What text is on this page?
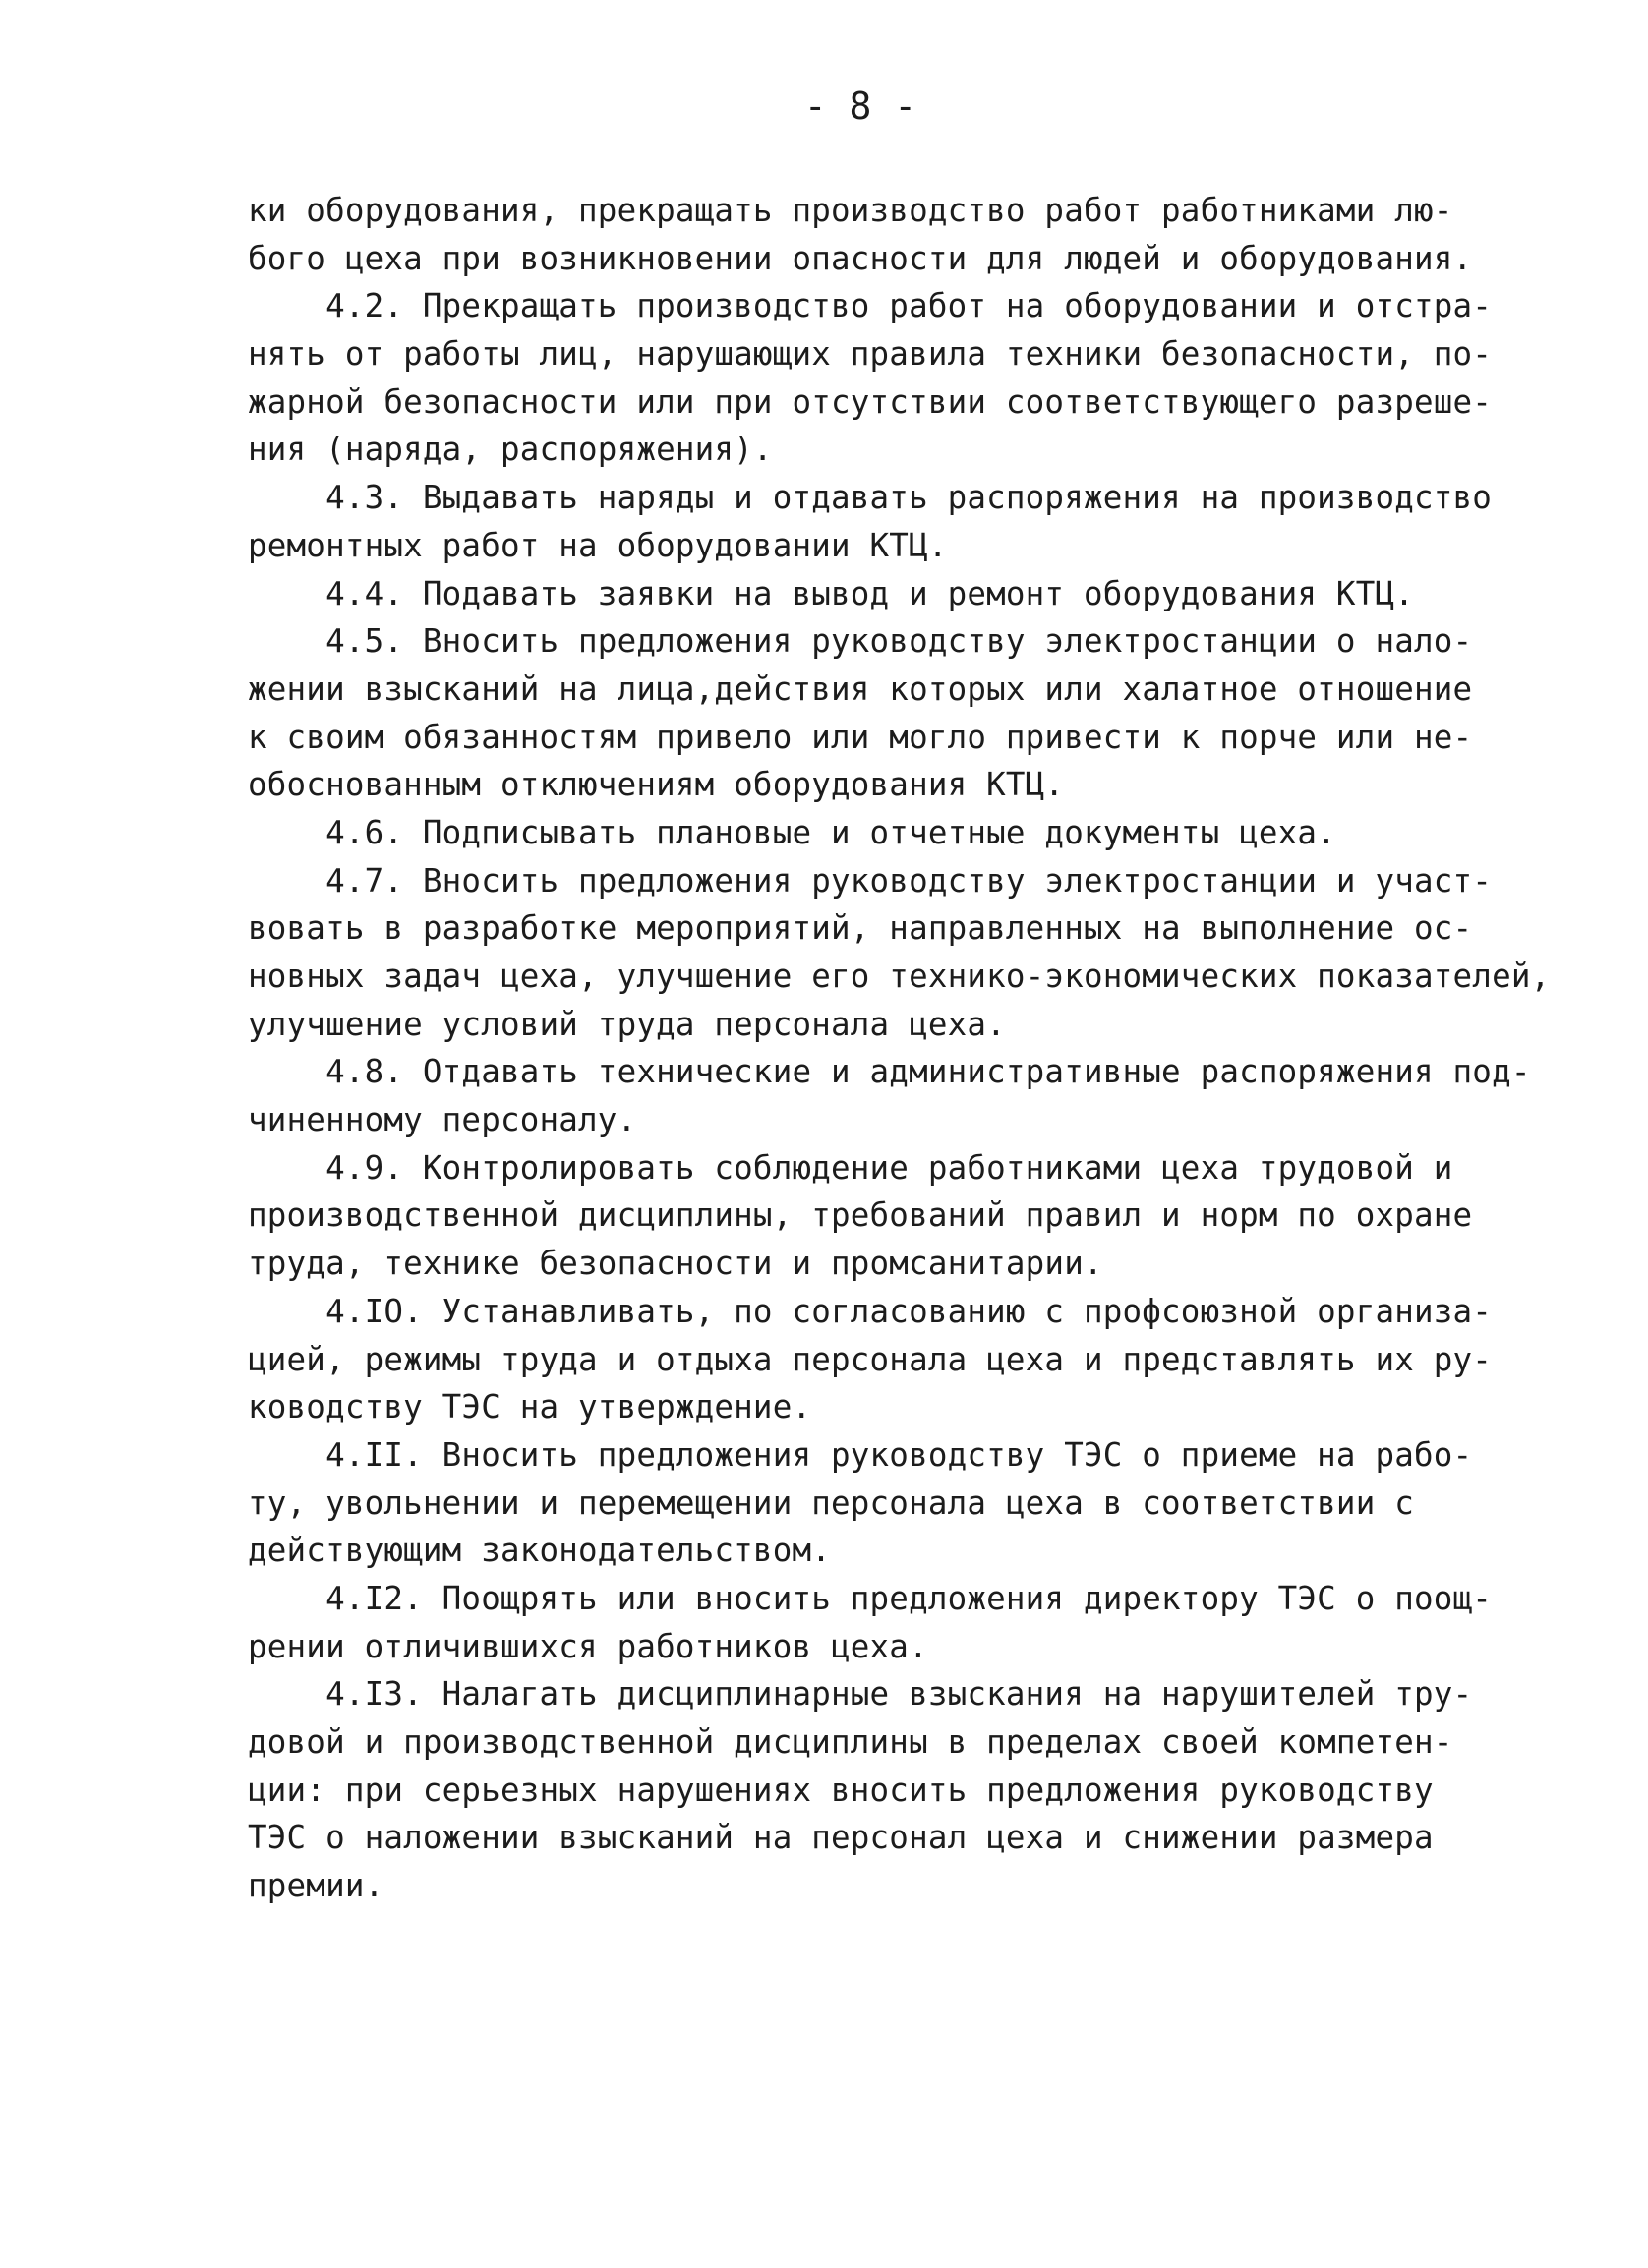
- 8 -
ки оборудования, прекращать производство работ работниками лю-
бого цеха при возникновении опасности для людей и оборудования.
4.2. Прекращать производство работ на оборудовании и отстра-
нять от работы лиц, нарушающих правила техники безопасности, по-
жарной безопасности или при отсутствии соответствующего разреше-
ния (наряда, распоряжения).
4.3. Выдавать наряды и отдавать распоряжения на производство
ремонтных работ на оборудовании КТЦ.
4.4. Подавать заявки на вывод и ремонт оборудования КТЦ.
4.5. Вносить предложения руководству электростанции о нало-
жении взысканий на лица,действия которых или халатное отношение
к своим обязанностям привело или могло привести к порче или не-
обоснованным отключениям оборудования КТЦ.
4.6. Подписывать плановые и отчетные документы цеха.
4.7. Вносить предложения руководству электростанции и участ-
вовать в разработке мероприятий, направленных на выполнение ос-
новных задач цеха, улучшение его технико-экономических показателей,
улучшение условий труда персонала цеха.
4.8. Отдавать технические и административные распоряжения под-
чиненному персоналу.
4.9. Контролировать соблюдение работниками цеха трудовой и
производственной дисциплины, требований правил и норм по охране
труда, технике безопасности и промсанитарии.
4.IO. Устанавливать, по согласованию с профсоюзной организа-
цией, режимы труда и отдыха персонала цеха и представлять их ру-
ководству ТЭС на утверждение.
4.II. Вносить предложения руководству ТЭС о приеме на рабо-
ту, увольнении и перемещении персонала цеха в соответствии с
действующим законодательством.
4.I2. Поощрять или вносить предложения директору ТЭС о поощ-
рении отличившихся работников цеха.
4.I3. Налагать дисциплинарные взыскания на нарушителей тру-
довой и производственной дисциплины в пределах своей компетен-
ции: при серьезных нарушениях вносить предложения руководству
ТЭС о наложении взысканий на персонал цеха и снижении размера
премии.
